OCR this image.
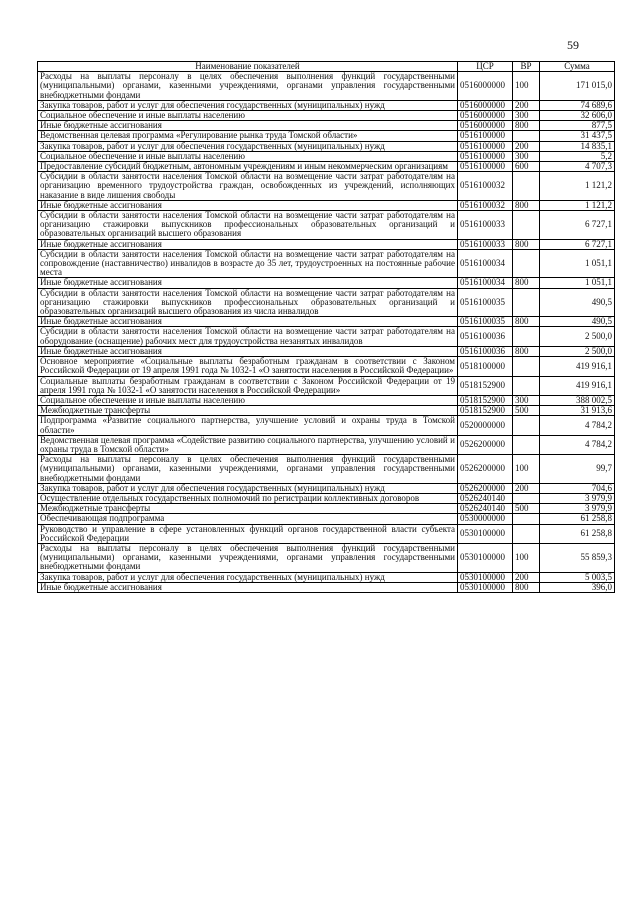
59
Наименование показателей	ЦСР	ВР	Сумма
Расходы на выплаты персоналу в целях обеспечения выполнения функций государственными (муниципальными) органами, казенными учреждениями, органами управления государственными внебюджетными фондами	0516000000	100	171 015,0
Закупка товаров, работ и услуг для обеспечения государственных (муниципальных) нужд	0516000000	200	74 689,6
Социальное обеспечение и иные выплаты населению	0516000000	300	32 606,0
Иные бюджетные ассигнования	0516000000	800	877,5
Ведомственная целевая программа «Регулирование рынка труда Томской области»	0516100000		31 437,5
Закупка товаров, работ и услуг для обеспечения государственных (муниципальных) нужд	0516100000	200	14 835,1
Социальное обеспечение и иные выплаты населению	0516100000	300	5,2
Предоставление субсидий бюджетным, автономным учреждениям и иным некоммерческим организациям	0516100000	600	4 707,3
Субсидии в области занятости населения Томской области на возмещение части затрат работодателям на организацию временного трудоустройства граждан, освобожденных из учреждений, исполняющих наказание в виде лишения свободы	0516100032		1 121,2
Иные бюджетные ассигнования	0516100032	800	1 121,2
Субсидии в области занятости населения Томской области на возмещение части затрат работодателям на организацию стажировки выпускников профессиональных образовательных организаций и образовательных организаций высшего образования	0516100033		6 727,1
Иные бюджетные ассигнования	0516100033	800	6 727,1
Субсидии в области занятости населения Томской области на возмещение части затрат работодателям на сопровождение (наставничество) инвалидов в возрасте до 35 лет, трудоустроенных на постоянные рабочие места	0516100034		1 051,1
Иные бюджетные ассигнования	0516100034	800	1 051,1
Субсидии в области занятости населения Томской области на возмещение части затрат работодателям на организацию стажировки выпускников профессиональных образовательных организаций и образовательных организаций высшего образования из числа инвалидов	0516100035		490,5
Иные бюджетные ассигнования	0516100035	800	490,5
Субсидии в области занятости населения Томской области на возмещение части затрат работодателям на оборудование (оснащение) рабочих мест для трудоустройства незанятых инвалидов	0516100036		2 500,0
Иные бюджетные ассигнования	0516100036	800	2 500,0
Основное мероприятие «Социальные выплаты безработным гражданам в соответствии с Законом Российской Федерации от 19 апреля 1991 года № 1032-1 «О занятости населения в Российской Федерации»	0518100000		419 916,1
Социальные выплаты безработным гражданам в соответствии с Законом Российской Федерации от 19 апреля 1991 года № 1032-1 «О занятости населения в Российской Федерации»	0518152900		419 916,1
Социальное обеспечение и иные выплаты населению	0518152900	300	388 002,5
Межбюджетные трансферты	0518152900	500	31 913,6
Подпрограмма «Развитие социального партнерства, улучшение условий и охраны труда в Томской области»	0520000000		4 784,2
Ведомственная целевая программа «Содействие развитию социального партнерства, улучшению условий и охраны труда в Томской области»	0526200000		4 784,2
Расходы на выплаты персоналу в целях обеспечения выполнения функций государственными (муниципальными) органами, казенными учреждениями, органами управления государственными внебюджетными фондами	0526200000	100	99,7
Закупка товаров, работ и услуг для обеспечения государственных (муниципальных) нужд	0526200000	200	704,6
Осуществление отдельных государственных полномочий по регистрации коллективных договоров	0526240140		3 979,9
Межбюджетные трансферты	0526240140	500	3 979,9
Обеспечивающая подпрограмма	0530000000		61 258,8
Руководство и управление в сфере установленных функций органов государственной власти субъекта Российской Федерации	0530100000		61 258,8
Расходы на выплаты персоналу в целях обеспечения выполнения функций государственными (муниципальными) органами, казенными учреждениями, органами управления государственными внебюджетными фондами	0530100000	100	55 859,3
Закупка товаров, работ и услуг для обеспечения государственных (муниципальных) нужд	0530100000	200	5 003,5
Иные бюджетные ассигнования	0530100000	800	396,0
